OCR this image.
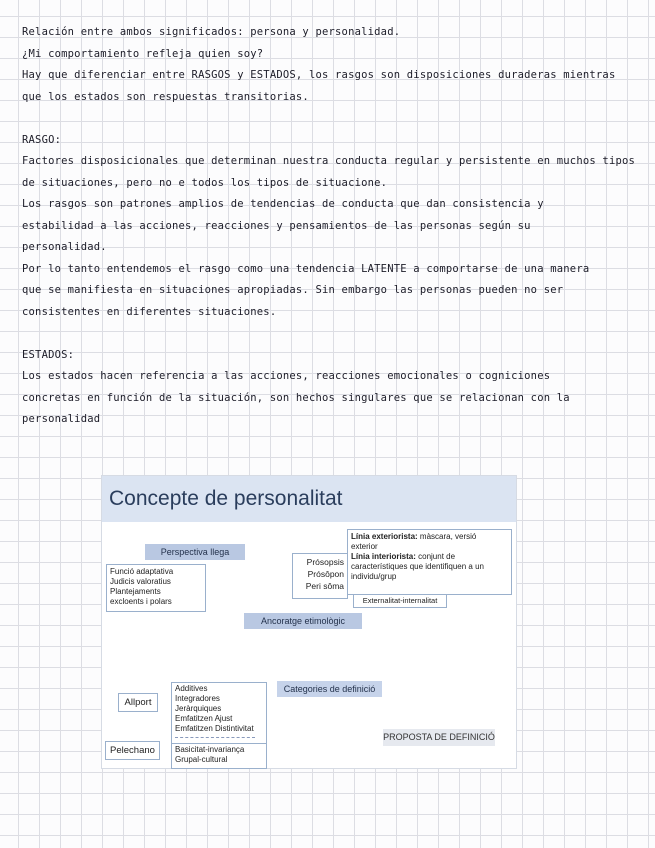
Relación entre ambos significados: persona y personalidad.

¿Mi comportamiento refleja quien soy?

Hay que diferenciar entre RASGOS y ESTADOS, los rasgos son disposiciones duraderas mientras

que los estados son respuestas transitorias.

RASGO:

Factores disposicionales que determinan nuestra conducta regular y persistente en muchos tipos

de situaciones, pero no e todos los tipos de situacione.

Los rasgos son patrones amplios de tendencias de conducta que dan consistencia y

estabilidad a las acciones, reacciones y pensamientos de las personas según su

personalidad.

Por lo tanto entendemos el rasgo como una tendencia LATENTE a comportarse de una manera

que se manifiesta en situaciones apropiadas. Sin embargo las personas pueden no ser

consistentes en diferentes situaciones.

ESTADOS:

Los estados hacen referencia a las acciones, reacciones emocionales o cogniciones

concretas en función de la situación, son hechos singulares que se relacionan con la

personalidad

Concepte de personalitat
Perspectiva llega
Funció adaptativa
Judicis valoratius
Plantejaments
excloents i polars
Prósopsis
Prósôpon
Peri sôma
Línia exteriorista: màscara, versió
exterior
Línia interiorista: conjunt de
característiques que identifiquen a un
individu/grup
Externalitat-internalitat
Ancoratge etimològic
Allport
Additives
Integradores
Jeràrquiques
Emfatitzen Ajust
Emfatitzen Distintivitat
Pelechano	Basicitat-invariança
Grupal-cultural
Categories de definició
PROPOSTA DE DEFINICIÓ
